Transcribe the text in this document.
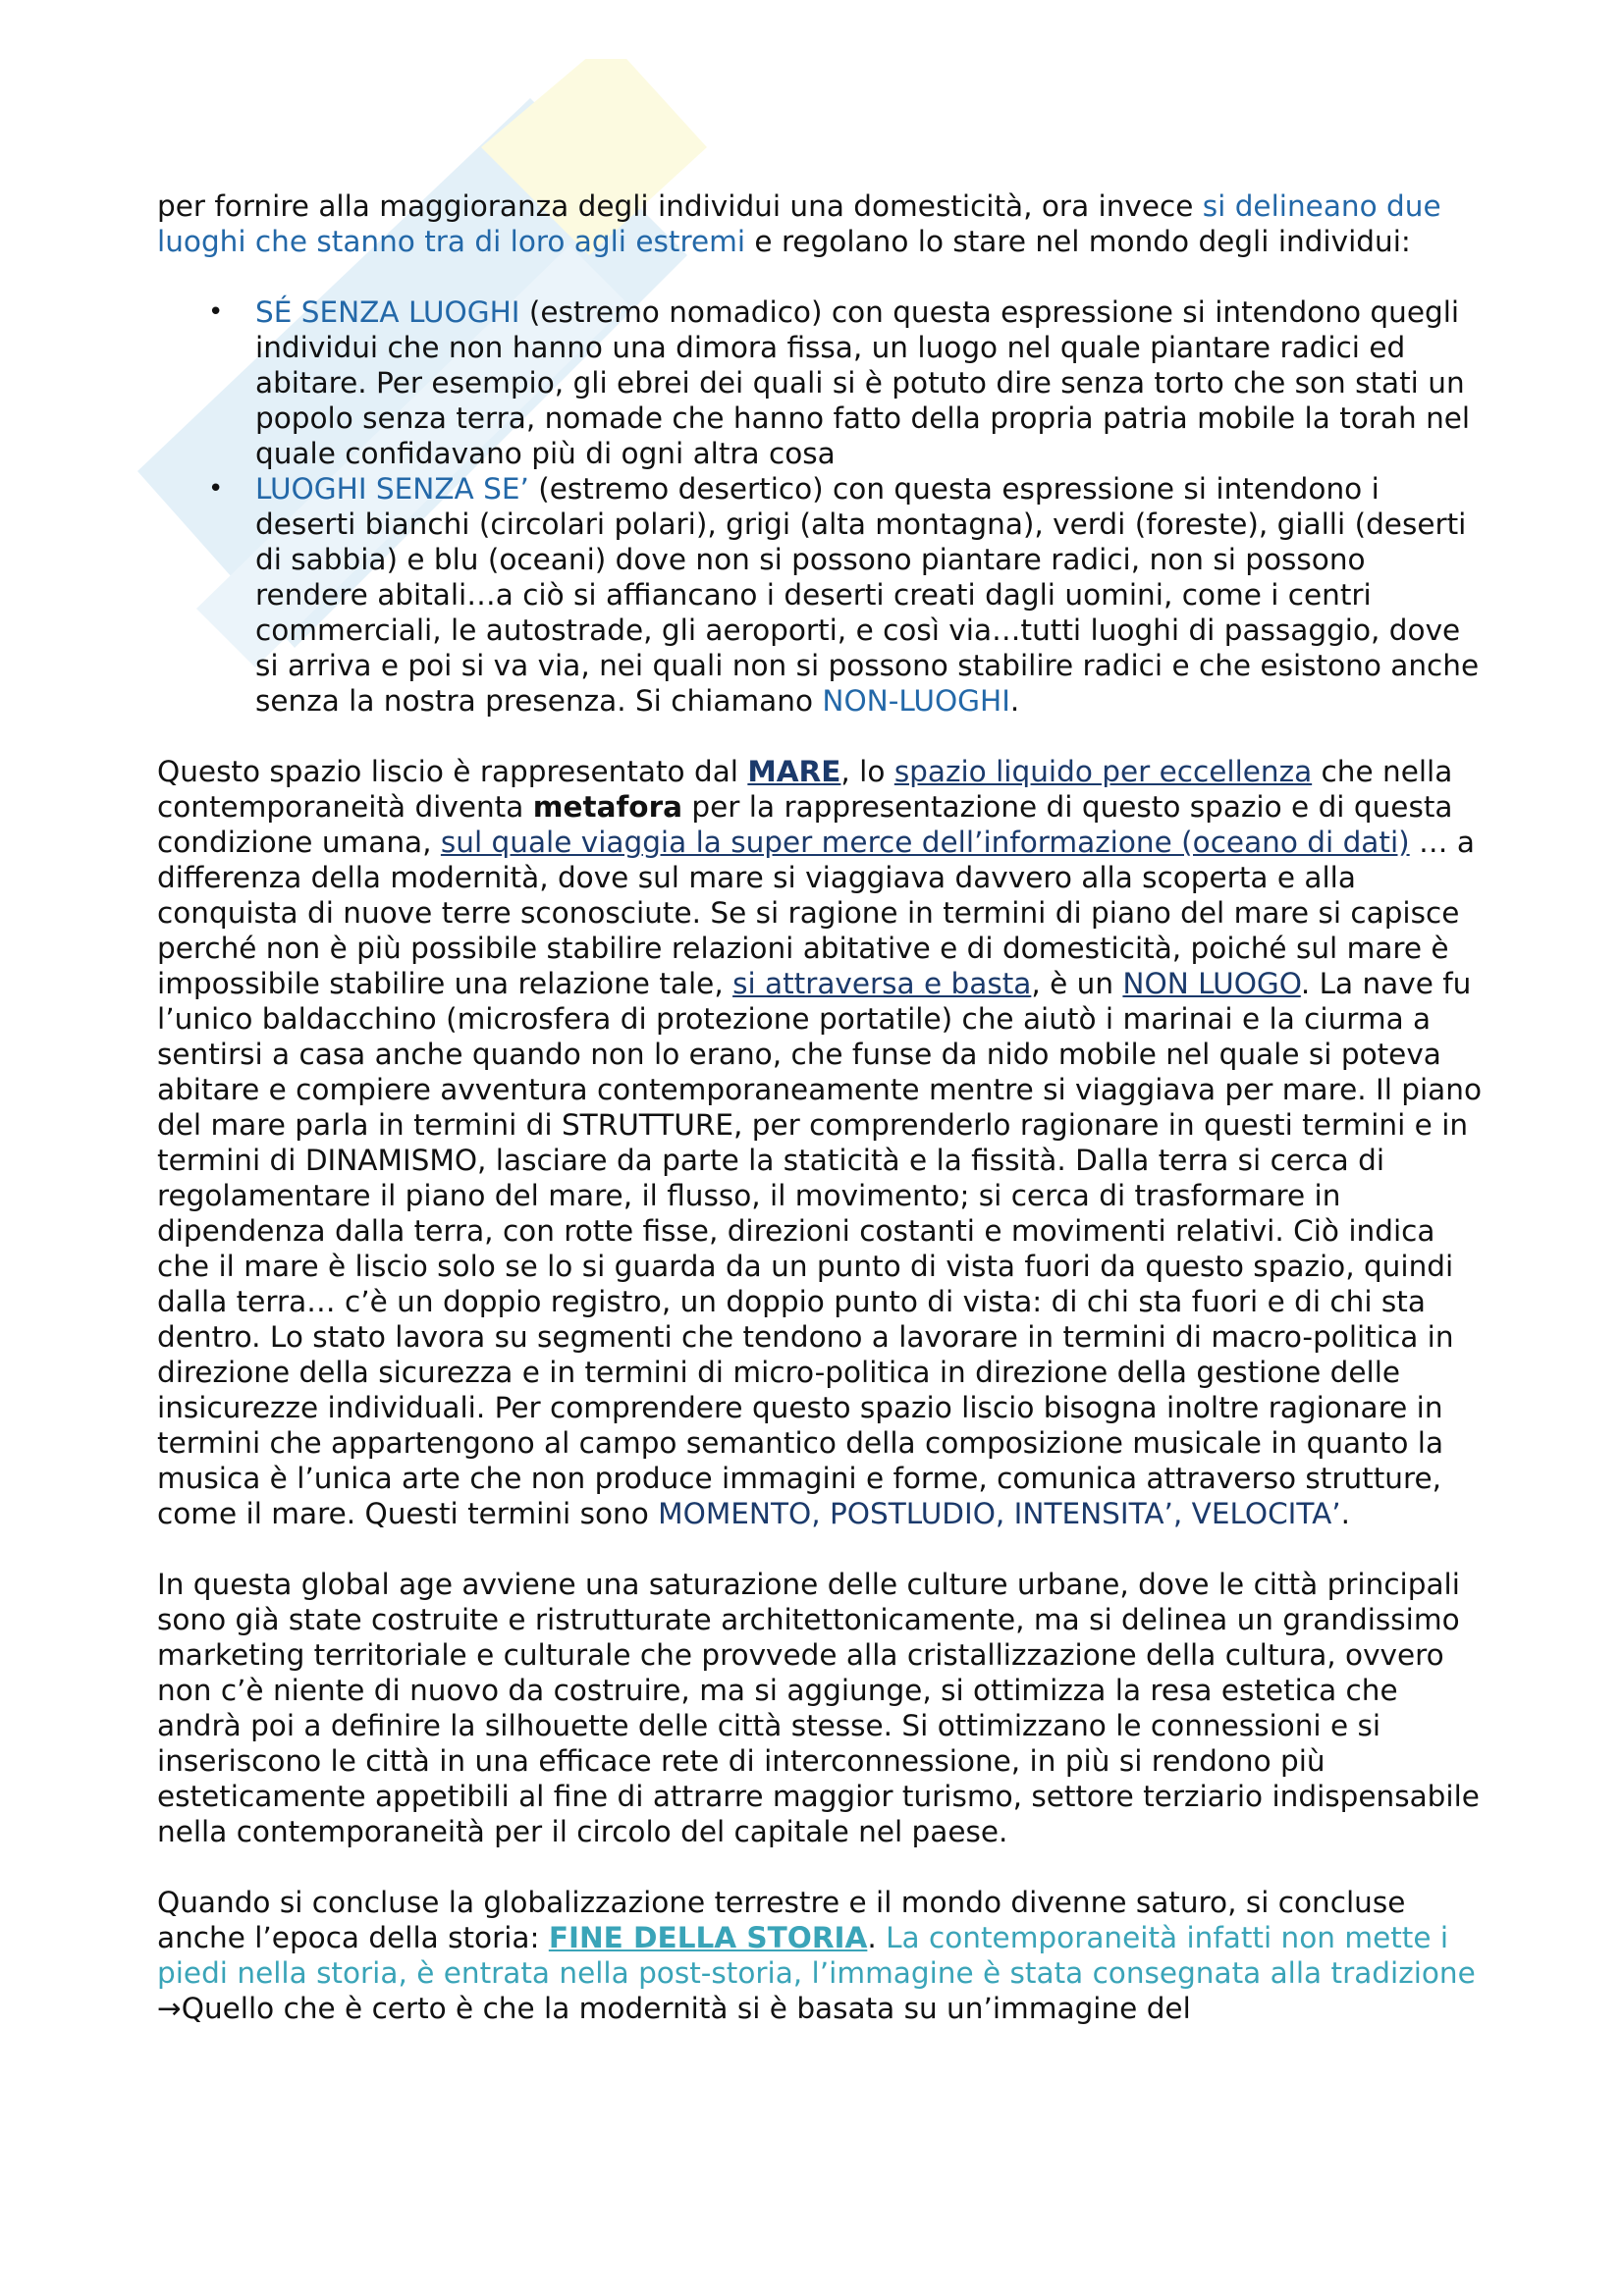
per fornire alla maggioranza degli individui una domesticità, ora invece si delineano due luoghi che stanno tra di loro agli estremi e regolano lo stare nel mondo degli individui:

• SÉ SENZA LUOGHI (estremo nomadico) con questa espressione si intendono quegli individui che non hanno una dimora fissa, un luogo nel quale piantare radici ed abitare. Per esempio, gli ebrei dei quali si è potuto dire senza torto che son stati un popolo senza terra, nomade che hanno fatto della propria patria mobile la torah nel quale confidavano più di ogni altra cosa
• LUOGHI SENZA SE’ (estremo desertico) con questa espressione si intendono i deserti bianchi (circolari polari), grigi (alta montagna), verdi (foreste), gialli (deserti di sabbia) e blu (oceani) dove non si possono piantare radici, non si possono rendere abitali…a ciò si affiancano i deserti creati dagli uomini, come i centri commerciali, le autostrade, gli aeroporti, e così via…tutti luoghi di passaggio, dove si arriva e poi si va via, nei quali non si possono stabilire radici e che esistono anche senza la nostra presenza. Si chiamano NON-LUOGHI.

Questo spazio liscio è rappresentato dal MARE, lo spazio liquido per eccellenza che nella contemporaneità diventa metafora per la rappresentazione di questo spazio e di questa condizione umana, sul quale viaggia la super merce dell’informazione (oceano di dati) … a differenza della modernità, dove sul mare si viaggiava davvero alla scoperta e alla conquista di nuove terre sconosciute. Se si ragione in termini di piano del mare si capisce perché non è più possibile stabilire relazioni abitative e di domesticità, poiché sul mare è impossibile stabilire una relazione tale, si attraversa e basta, è un NON LUOGO. La nave fu l’unico baldacchino (microsfera di protezione portatile) che aiutò i marinai e la ciurma a sentirsi a casa anche quando non lo erano, che funse da nido mobile nel quale si poteva abitare e compiere avventura contemporaneamente mentre si viaggiava per mare. Il piano del mare parla in termini di STRUTTURE, per comprenderlo ragionare in questi termini e in termini di DINAMISMO, lasciare da parte la staticità e la fissità. Dalla terra si cerca di regolamentare il piano del mare, il flusso, il movimento; si cerca di trasformare in dipendenza dalla terra, con rotte fisse, direzioni costanti e movimenti relativi. Ciò indica che il mare è liscio solo se lo si guarda da un punto di vista fuori da questo spazio, quindi dalla terra… c’è un doppio registro, un doppio punto di vista: di chi sta fuori e di chi sta dentro. Lo stato lavora su segmenti che tendono a lavorare in termini di macro-politica in direzione della sicurezza e in termini di micro-politica in direzione della gestione delle insicurezze individuali. Per comprendere questo spazio liscio bisogna inoltre ragionare in termini che appartengono al campo semantico della composizione musicale in quanto la musica è l’unica arte che non produce immagini e forme, comunica attraverso strutture, come il mare. Questi termini sono MOMENTO, POSTLUDIO, INTENSITA’, VELOCITA’.

In questa global age avviene una saturazione delle culture urbane, dove le città principali sono già state costruite e ristrutturate architettonicamente, ma si delinea un grandissimo marketing territoriale e culturale che provvede alla cristallizzazione della cultura, ovvero non c’è niente di nuovo da costruire, ma si aggiunge, si ottimizza la resa estetica che andrà poi a definire la silhouette delle città stesse. Si ottimizzano le connessioni e si inseriscono le città in una efficace rete di interconnessione, in più si rendono più esteticamente appetibili al fine di attrarre maggior turismo, settore terziario indispensabile nella contemporaneità per il circolo del capitale nel paese.

Quando si concluse la globalizzazione terrestre e il mondo divenne saturo, si concluse anche l’epoca della storia: FINE DELLA STORIA. La contemporaneità infatti non mette i piedi nella storia, è entrata nella post-storia, l’immagine è stata consegnata alla tradizione →Quello che è certo è che la modernità si è basata su un’immagine del
